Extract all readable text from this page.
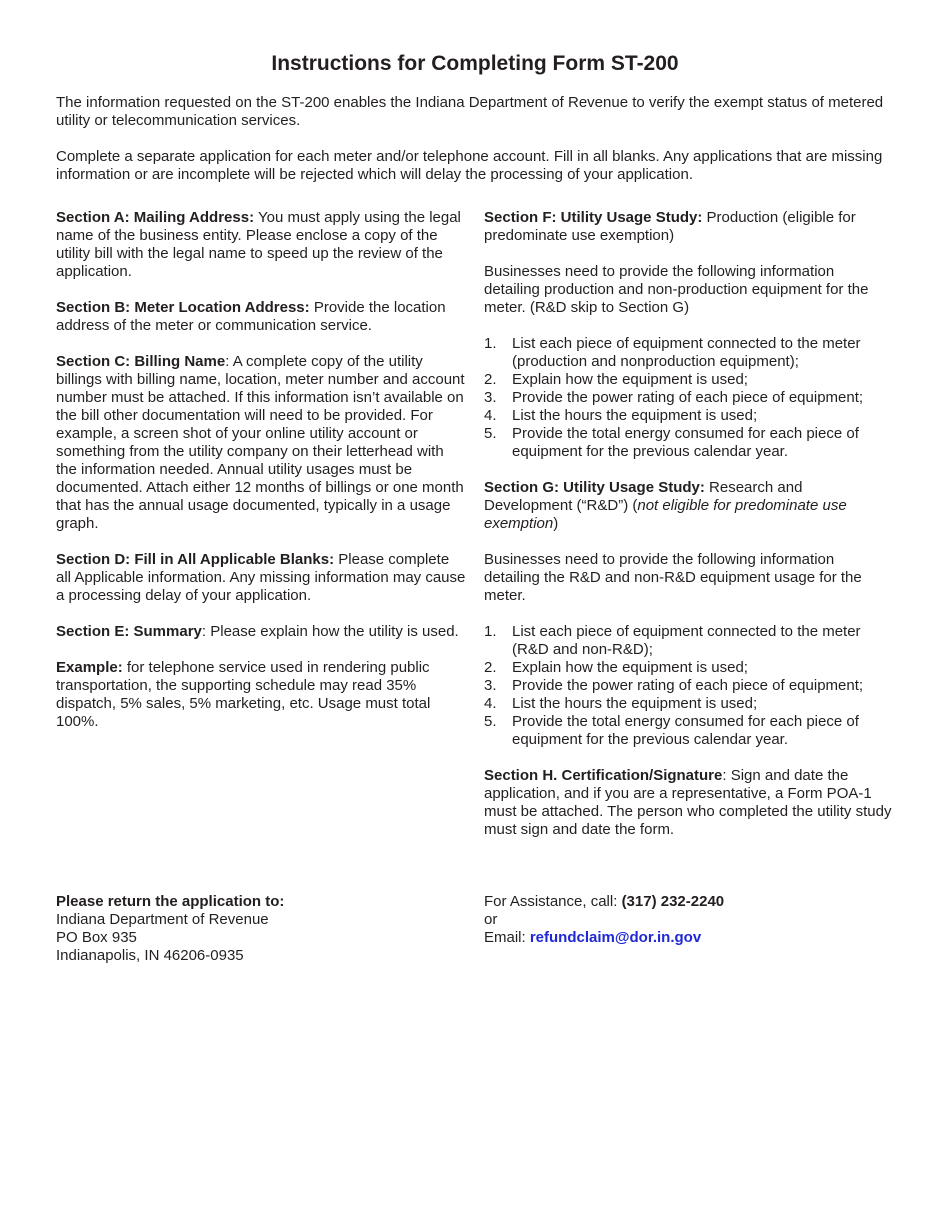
Instructions for Completing Form ST-200

The information requested on the ST-200 enables the Indiana Department of Revenue to verify the exempt status of metered utility or telecommunication services.

Complete a separate application for each meter and/or telephone account. Fill in all blanks. Any applications that are missing information or are incomplete will be rejected which will delay the processing of your application.

Section A: Mailing Address: You must apply using the legal name of the business entity. Please enclose a copy of the utility bill with the legal name to speed up the review of the application.

Section B: Meter Location Address: Provide the location address of the meter or communication service.

Section C: Billing Name: A complete copy of the utility billings with billing name, location, meter number and account number must be attached. If this information isn’t available on the bill other documentation will need to be provided. For example, a screen shot of your online utility account or something from the utility company on their letterhead with the information needed. Annual utility usages must be documented. Attach either 12 months of billings or one month that has the annual usage documented, typically in a usage graph.

Section D: Fill in All Applicable Blanks: Please complete all Applicable information. Any missing information may cause a processing delay of your application.

Section E: Summary: Please explain how the utility is used.

Example: for telephone service used in rendering public transportation, the supporting schedule may read 35% dispatch, 5% sales, 5% marketing, etc. Usage must total 100%.

Section F: Utility Usage Study: Production (eligible for predominate use exemption)

Businesses need to provide the following information detailing production and non-production equipment for the meter. (R&D skip to Section G)

1. List each piece of equipment connected to the meter (production and nonproduction equipment);
2. Explain how the equipment is used;
3. Provide the power rating of each piece of equipment;
4. List the hours the equipment is used;
5. Provide the total energy consumed for each piece of equipment for the previous calendar year.

Section G: Utility Usage Study: Research and Development (“R&D”) (not eligible for predominate use exemption)

Businesses need to provide the following information detailing the R&D and non-R&D equipment usage for the meter.

1. List each piece of equipment connected to the meter (R&D and non-R&D);
2. Explain how the equipment is used;
3. Provide the power rating of each piece of equipment;
4. List the hours the equipment is used;
5. Provide the total energy consumed for each piece of equipment for the previous calendar year.

Section H. Certification/Signature: Sign and date the application, and if you are a representative, a Form POA-1 must be attached. The person who completed the utility study must sign and date the form.

Please return the application to:
Indiana Department of Revenue
PO Box 935
Indianapolis, IN 46206-0935
For Assistance, call: (317) 232-2240
or
Email: refundclaim@dor.in.gov
